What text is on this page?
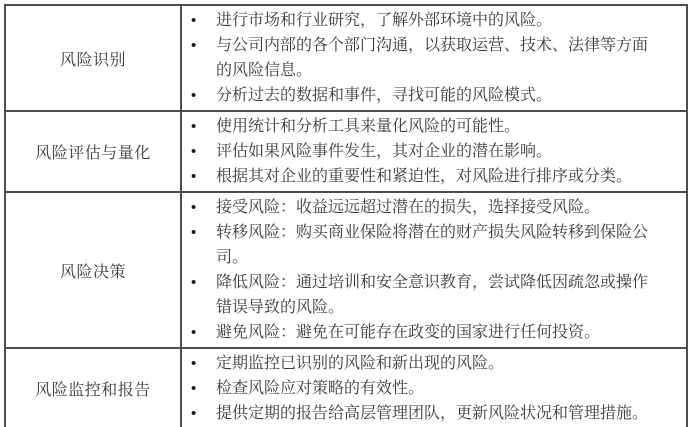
风险识别
•	进行市场和行业研究，了解外部环境中的风险。
•	与公司内部的各个部门沟通，以获取运营、技术、法律等方面的风险信息。
•	分析过去的数据和事件，寻找可能的风险模式。
风险评估与量化
•	使用统计和分析工具来量化风险的可能性。
•	评估如果风险事件发生，其对企业的潜在影响。
•	根据其对企业的重要性和紧迫性，对风险进行排序或分类。
风险决策
•	接受风险：收益远远超过潜在的损失，选择接受风险。
•	转移风险：购买商业保险将潜在的财产损失风险转移到保险公司。
•	降低风险：通过培训和安全意识教育，尝试降低因疏忽或操作错误导致的风险。
•	避免风险：避免在可能存在政变的国家进行任何投资。
风险监控和报告
•	定期监控已识别的风险和新出现的风险。
•	检查风险应对策略的有效性。
•	提供定期的报告给高层管理团队，更新风险状况和管理措施。
